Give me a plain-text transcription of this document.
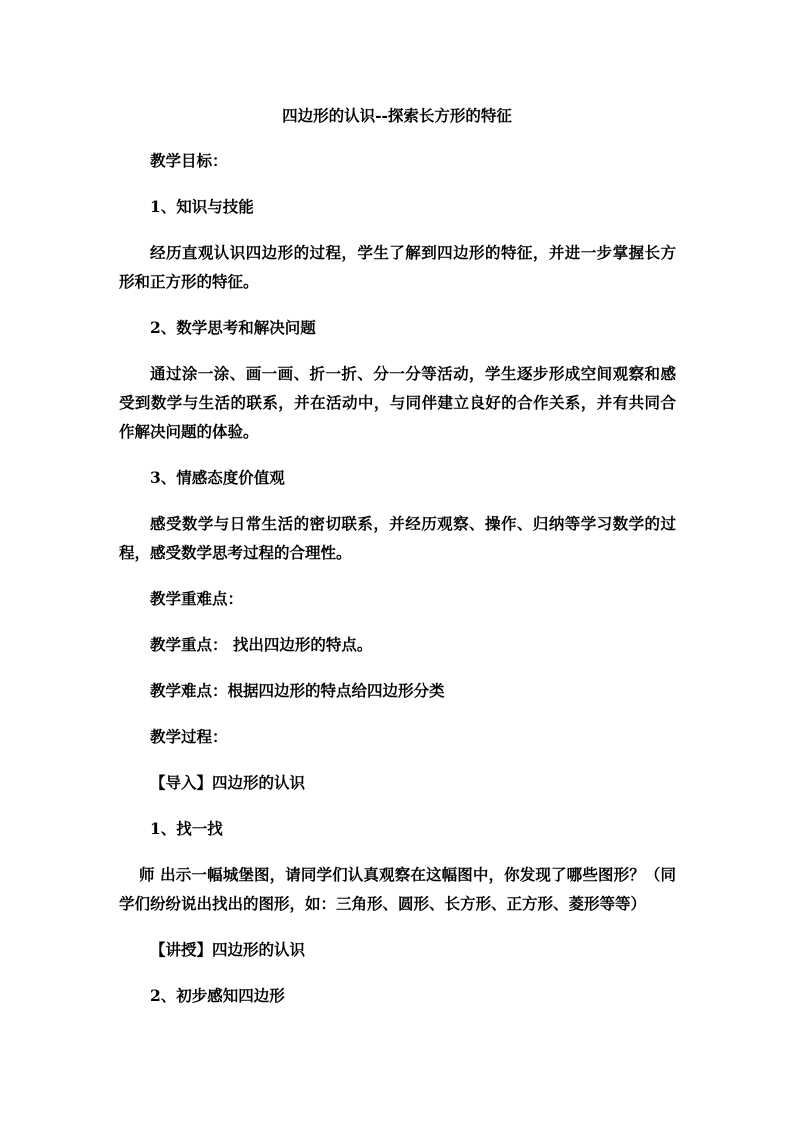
四边形的认识--探索长方形的特征

教学目标：

1、知识与技能

经历直观认识四边形的过程，学生了解到四边形的特征，并进一步掌握长方形和正方形的特征。

2、数学思考和解决问题

通过涂一涂、画一画、折一折、分一分等活动，学生逐步形成空间观察和感受到数学与生活的联系，并在活动中，与同伴建立良好的合作关系，并有共同合作解决问题的体验。

3、情感态度价值观

感受数学与日常生活的密切联系，并经历观察、操作、归纳等学习数学的过程，感受数学思考过程的合理性。

教学重难点：

教学重点： 找出四边形的特点。

教学难点：根据四边形的特点给四边形分类

教学过程：

【导入】四边形的认识

1、找一找

师 出示一幅城堡图，请同学们认真观察在这幅图中，你发现了哪些图形？（同学们纷纷说出找出的图形，如：三角形、圆形、长方形、正方形、菱形等等）

【讲授】四边形的认识

2、初步感知四边形
